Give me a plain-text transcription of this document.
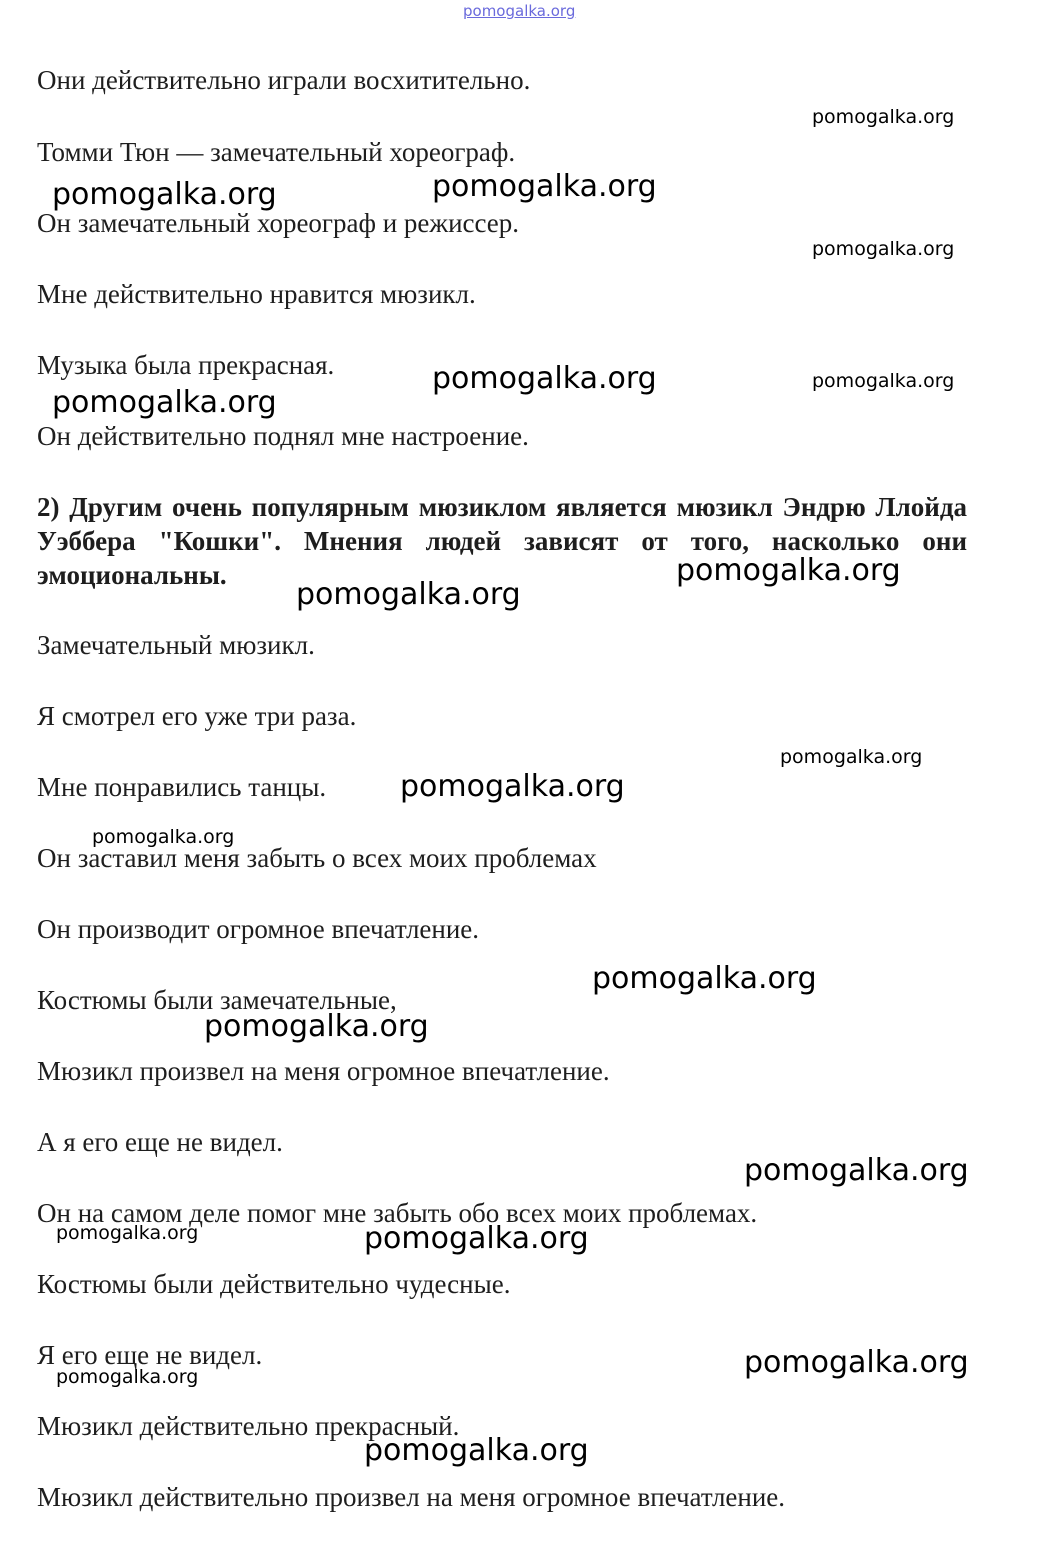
pomogalka.org

Они действительно играли восхитительно.

Томми Тюн — замечательный хореограф.

Он замечательный хореограф и режиссер.

Мне действительно нравится мюзикл.

Музыка была прекрасная.

Он действительно поднял мне настроение.

2) Другим очень популярным мюзиклом является мюзикл Эндрю Ллойда Уэббера "Кошки". Мнения людей зависят от того, насколько они эмоциональны.

Замечательный мюзикл.

Я смотрел его уже три раза.

Мне понравились танцы.

Он заставил меня забыть о всех моих проблемах

Он производит огромное впечатление.

Костюмы были замечательные,

Мюзикл произвел на меня огромное впечатление.

А я его еще не видел.

Он на самом деле помог мне забыть обо всех моих проблемах.

Костюмы были действительно чудесные.

Я его еще не видел.

Мюзикл действительно прекрасный.

Мюзикл действительно произвел на меня огромное впечатление.

pomogalka.org
pomogalka.org	pomogalka.org
pomogalka.org
pomogalka.org	pomogalka.org
pomogalka.org
pomogalka.org
pomogalka.org
pomogalka.org
pomogalka.org
pomogalka.org
pomogalka.org
pomogalka.org
pomogalka.org
pomogalka.org	pomogalka.org
pomogalka.org
pomogalka.org
pomogalka.org
